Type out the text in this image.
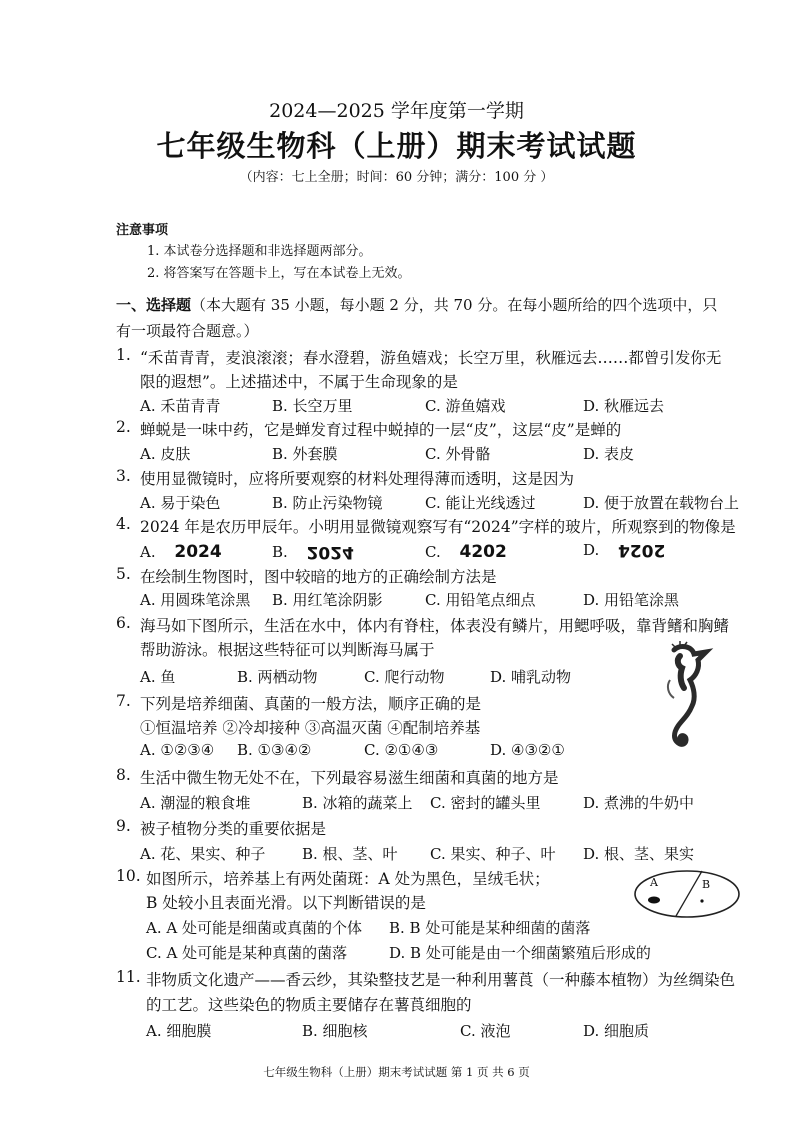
2024—2025 学年度第一学期
七年级生物科（上册）期末考试试题
（内容：七上全册；时间：60 分钟；满分：100 分 ）
注意事项
1. 本试卷分选择题和非选择题两部分。
2. 将答案写在答题卡上，写在本试卷上无效。
一、选择题（本大题有 35 小题，每小题 2 分，共 70 分。在每小题所给的四个选项中，只
有一项最符合题意。）
1. “禾苗青青，麦浪滚滚；春水澄碧，游鱼嬉戏；长空万里，秋雁远去……都曾引发你无
限的遐想”。上述描述中，不属于生命现象的是
A. 禾苗青青	B. 长空万里	C. 游鱼嬉戏	D. 秋雁远去
2. 蝉蜕是一味中药，它是蝉发育过程中蜕掉的一层“皮”，这层“皮”是蝉的
A. 皮肤	B. 外套膜	C. 外骨骼	D. 表皮
3. 使用显微镜时，应将所要观察的材料处理得薄而透明，这是因为
A. 易于染色	B. 防止污染物镜	C. 能让光线透过	D. 便于放置在载物台上
4. 2024 年是农历甲辰年。小明用显微镜观察写有“2024”字样的玻片，所观察到的物像是
A. 2024	B. 2024	C. 4202	D. 2024
5. 在绘制生物图时，图中较暗的地方的正确绘制方法是
A. 用圆珠笔涂黑 B. 用红笔涂阴影	C. 用铅笔点细点	D. 用铅笔涂黑
6. 海马如下图所示，生活在水中，体内有脊柱，体表没有鳞片，用鳃呼吸，靠背鳍和胸鳍
帮助游泳。根据这些特征可以判断海马属于
A. 鱼	B. 两栖动物	C. 爬行动物	D. 哺乳动物
7. 下列是培养细菌、真菌的一般方法，顺序正确的是
①恒温培养 ②冷却接种 ③高温灭菌 ④配制培养基
A. ①②③④ B. ①③④②	C. ②①④③	D. ④③②①
8. 生活中微生物无处不在，下列最容易滋生细菌和真菌的地方是
A. 潮湿的粮食堆	B. 冰箱的蔬菜上 C. 密封的罐头里	D. 煮沸的牛奶中
9. 被子植物分类的重要依据是
A. 花、果实、种子 B. 根、茎、叶 C. 果实、种子、叶 D. 根、茎、果实
10. 如图所示，培养基上有两处菌斑：A 处为黑色，呈绒毛状；
B 处较小且表面光滑。以下判断错误的是
A. A 处可能是细菌或真菌的个体 B. B 处可能是某种细菌的菌落
C. A 处可能是某种真菌的菌落	D. B 处可能是由一个细菌繁殖后形成的
A	B
11. 非物质文化遗产——香云纱，其染整技艺是一种利用薯莨（一种藤本植物）为丝绸染色
的工艺。这些染色的物质主要储存在薯莨细胞的
A. 细胞膜	B. 细胞核	C. 液泡	D. 细胞质
七年级生物科（上册）期末考试试题 第 1 页 共 6 页
